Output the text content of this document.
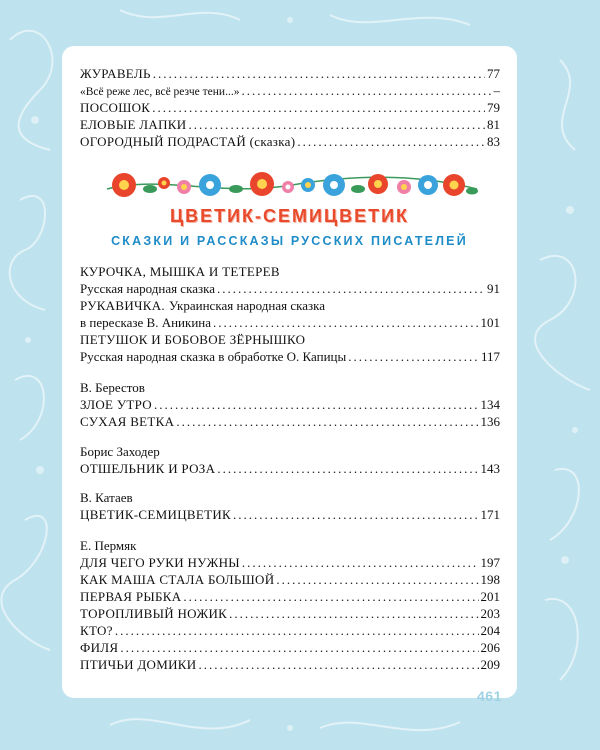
ЖУРАВЕЛЬ .....	77
«Всё реже лес, всё резче тени...» .....	–
ПОСОШОК .....	79
ЕЛОВЫЕ ЛАПКИ .....	81
ОГОРОДНЫЙ ПОДРАСТАЙ (сказка) .....	83
ЦВЕТИК-СЕМИЦВЕТИК
СКАЗКИ И РАССКАЗЫ РУССКИХ ПИСАТЕЛЕЙ
КУРОЧКА, МЫШКА И ТЕТЕРЕВ
Русская народная сказка .....	91
РУКАВИЧКА. Украинская народная сказка
в пересказе В. Аникина .....	101
ПЕТУШОК И БОБОВОЕ ЗЁРНЫШКО
Русская народная сказка в обработке О. Капицы .....	117
В. Берестов
ЗЛОЕ УТРО .....	134
СУХАЯ ВЕТКА .....	136
Борис Заходер
ОТШЕЛЬНИК И РОЗА .....	143
В. Катаев
ЦВЕТИК-СЕМИЦВЕТИК .....	171
Е. Пермяк
ДЛЯ ЧЕГО РУКИ НУЖНЫ .....	197
КАК МАША СТАЛА БОЛЬШОЙ .....	198
ПЕРВАЯ РЫБКА .....	201
ТОРОПЛИВЫЙ НОЖИК .....	203
КТО? .....	204
ФИЛЯ .....	206
ПТИЧЬИ ДОМИКИ .....	209
461
